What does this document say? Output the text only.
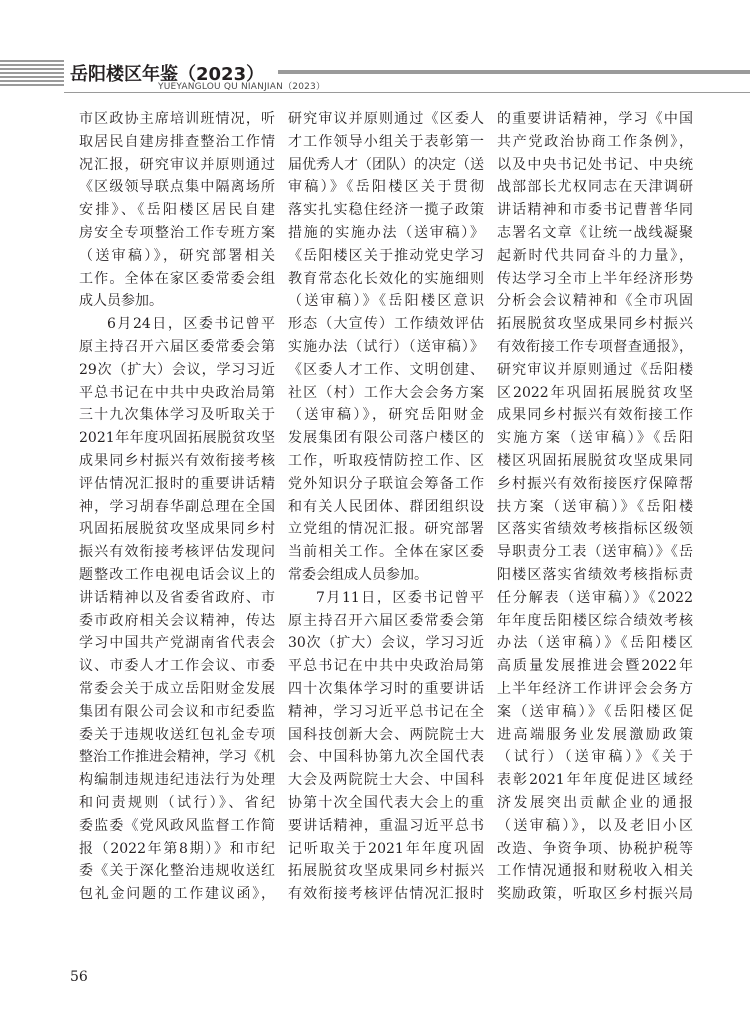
岳阳楼区年鉴（2023）
YUEYANGLOU QU NIANJIAN（2023）
市区政协主席培训班情况，听
取居民自建房排查整治工作情
况汇报，研究审议并原则通过
《区级领导联点集中隔离场所
安排》、《岳阳楼区居民自建
房安全专项整治工作专班方案
（送审稿）》，研究部署相关
工作。全体在家区委常委会组
成人员参加。
6月24日，区委书记曾平
原主持召开六届区委常委会第
29次（扩大）会议，学习习近
平总书记在中共中央政治局第
三十九次集体学习及听取关于
2021年年度巩固拓展脱贫攻坚
成果同乡村振兴有效衔接考核
评估情况汇报时的重要讲话精
神，学习胡春华副总理在全国
巩固拓展脱贫攻坚成果同乡村
振兴有效衔接考核评估发现问
题整改工作电视电话会议上的
讲话精神以及省委省政府、市
委市政府相关会议精神，传达
学习中国共产党湖南省代表会
议、市委人才工作会议、市委
常委会关于成立岳阳财金发展
集团有限公司会议和市纪委监
委关于违规收送红包礼金专项
整治工作推进会精神，学习《机
构编制违规违纪违法行为处理
和问责规则（试行）》、省纪
委监委《党风政风监督工作简
报（2022年第8期）》和市纪
委《关于深化整治违规收送红
包礼金问题的工作建议函》，
研究审议并原则通过《区委人
才工作领导小组关于表彰第一
届优秀人才（团队）的决定（送
审稿）》《岳阳楼区关于贯彻
落实扎实稳住经济一揽子政策
措施的实施办法（送审稿）》
《岳阳楼区关于推动党史学习
教育常态化长效化的实施细则
（送审稿）》《岳阳楼区意识
形态（大宣传）工作绩效评估
实施办法（试行）（送审稿）》
《区委人才工作、文明创建、
社区（村）工作大会会务方案
（送审稿）》，研究岳阳财金
发展集团有限公司落户楼区的
工作，听取疫情防控工作、区
党外知识分子联谊会筹备工作
和有关人民团体、群团组织设
立党组的情况汇报。研究部署
当前相关工作。全体在家区委
常委会组成人员参加。
7月11日，区委书记曾平
原主持召开六届区委常委会第
30次（扩大）会议，学习习近
平总书记在中共中央政治局第
四十次集体学习时的重要讲话
精神，学习习近平总书记在全
国科技创新大会、两院院士大
会、中国科协第九次全国代表
大会及两院院士大会、中国科
协第十次全国代表大会上的重
要讲话精神，重温习近平总书
记听取关于2021年年度巩固
拓展脱贫攻坚成果同乡村振兴
有效衔接考核评估情况汇报时
的重要讲话精神，学习《中国
共产党政治协商工作条例》，
以及中央书记处书记、中央统
战部部长尤权同志在天津调研
讲话精神和市委书记曹普华同
志署名文章《让统一战线凝聚
起新时代共同奋斗的力量》，
传达学习全市上半年经济形势
分析会会议精神和《全市巩固
拓展脱贫攻坚成果同乡村振兴
有效衔接工作专项督查通报》，
研究审议并原则通过《岳阳楼
区2022年巩固拓展脱贫攻坚
成果同乡村振兴有效衔接工作
实施方案（送审稿）》《岳阳
楼区巩固拓展脱贫攻坚成果同
乡村振兴有效衔接医疗保障帮
扶方案（送审稿）》《岳阳楼
区落实省绩效考核指标区级领
导职责分工表（送审稿）》《岳
阳楼区落实省绩效考核指标责
任分解表（送审稿）》《2022
年年度岳阳楼区综合绩效考核
办法（送审稿）》《岳阳楼区
高质量发展推进会暨2022年
上半年经济工作讲评会会务方
案（送审稿）》《岳阳楼区促
进高端服务业发展激励政策
（试行）（送审稿）》《关于
表彰2021年年度促进区域经
济发展突出贡献企业的通报
（送审稿）》，以及老旧小区
改造、争资争项、协税护税等
工作情况通报和财税收入相关
奖励政策，听取区乡村振兴局
56
